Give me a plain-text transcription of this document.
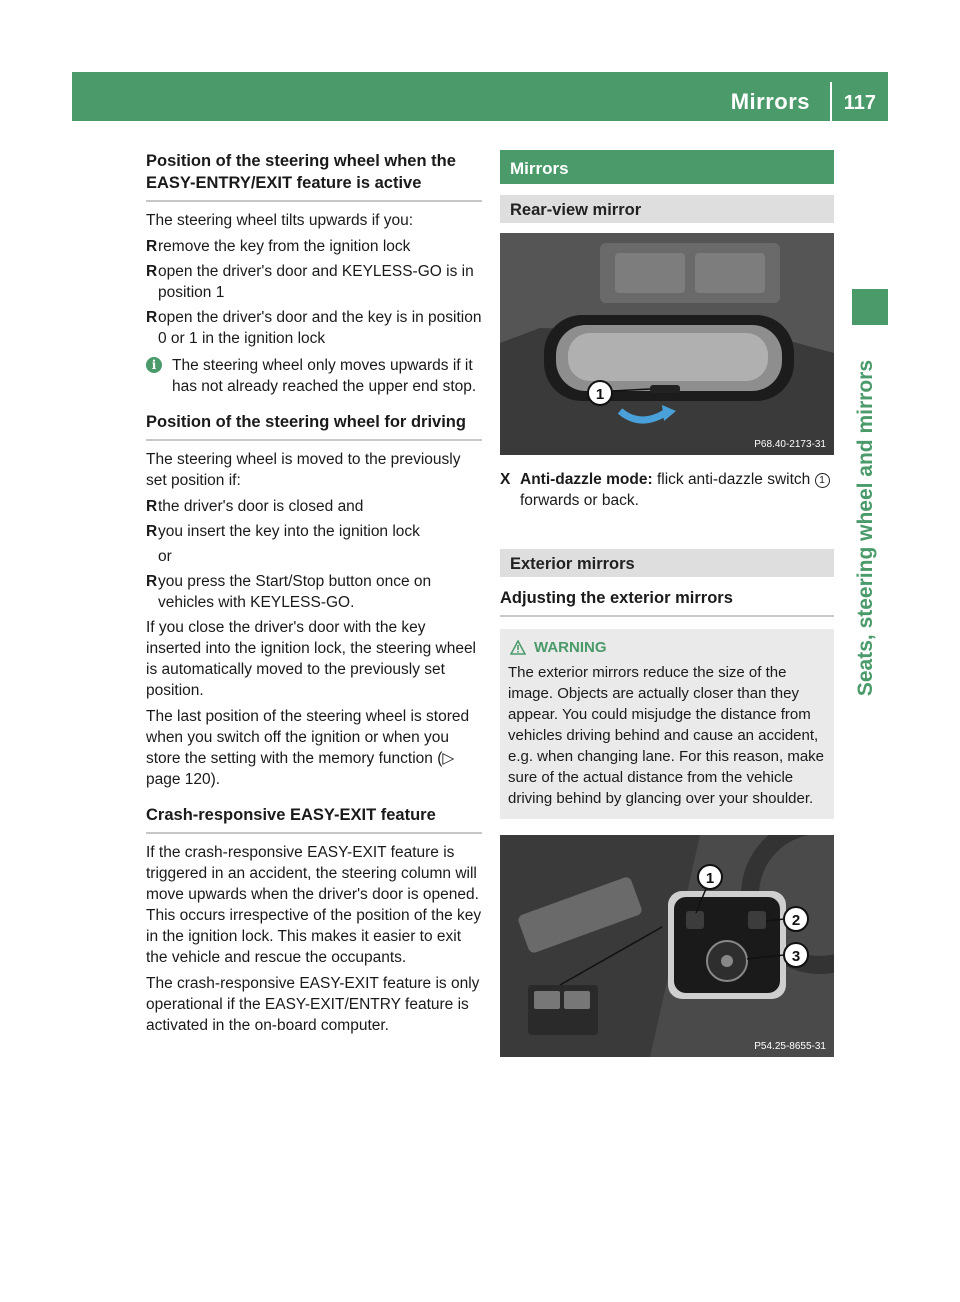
Mirrors 117
Seats, steering wheel and mirrors
Position of the steering wheel when the EASY-ENTRY/EXIT feature is active

The steering wheel tilts upwards if you:

R remove the key from the ignition lock
R open the driver's door and KEYLESS-GO is in position 1
R open the driver's door and the key is in position 0 or 1 in the ignition lock
i	The steering wheel only moves upwards if it has not already reached the upper end stop.
Position of the steering wheel for driving

The steering wheel is moved to the previously set position if:

R the driver's door is closed and
R you insert the key into the ignition lock
or
R you press the Start/Stop button once on vehicles with KEYLESS-GO.

If you close the driver's door with the key inserted into the ignition lock, the steering wheel is automatically moved to the previously set position.

The last position of the steering wheel is stored when you switch off the ignition or when you store the setting with the memory function (▷ page 120).

Crash-responsive EASY-EXIT feature

If the crash-responsive EASY-EXIT feature is triggered in an accident, the steering column will move upwards when the driver's door is opened. This occurs irrespective of the position of the key in the ignition lock. This makes it easier to exit the vehicle and rescue the occupants.

The crash-responsive EASY-EXIT feature is only operational if the EASY-EXIT/ENTRY feature is activated in the on-board computer.

Mirrors
Rear-view mirror
1
P68.40-2173-31
X Anti-dazzle mode: flick anti-dazzle switch 1 forwards or back.
Exterior mirrors
Adjusting the exterior mirrors
WARNING
The exterior mirrors reduce the size of the image. Objects are actually closer than they appear. You could misjudge the distance from vehicles driving behind and cause an accident, e.g. when changing lane. For this reason, make sure of the actual distance from the vehicle driving behind by glancing over your shoulder.
1
2
3
P54.25-8655-31
